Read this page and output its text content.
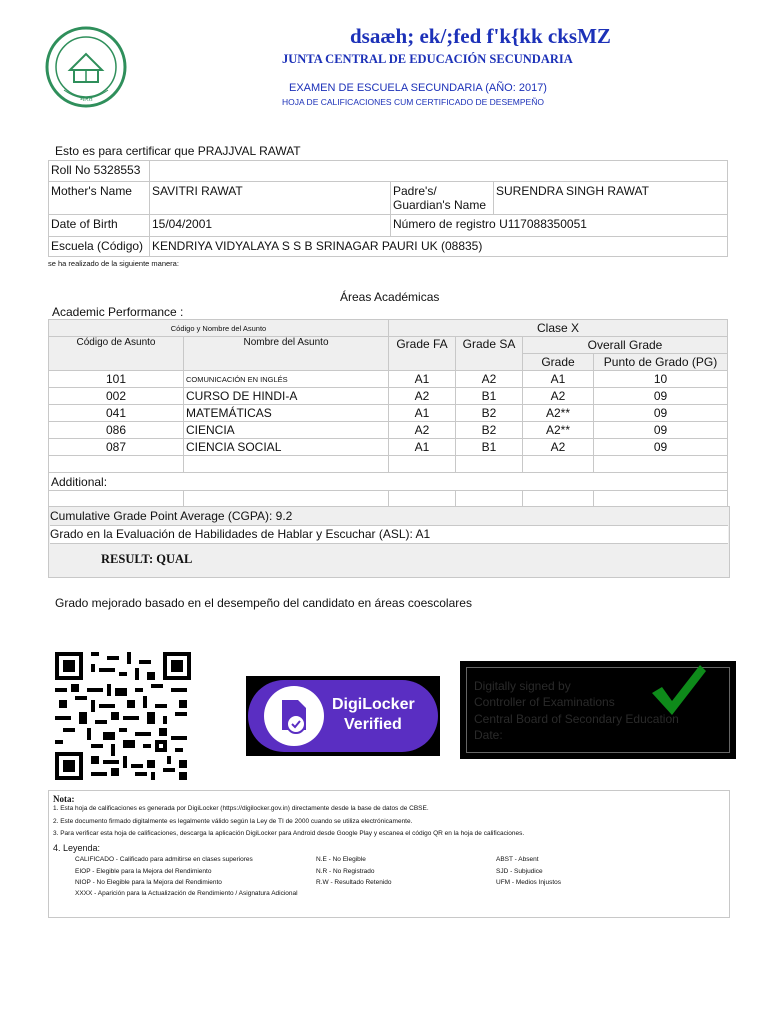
भारत
dsaæh; ek/;fed f'k{kk cksMZ
JUNTA CENTRAL DE EDUCACIÓN SECUNDARIA
EXAMEN DE ESCUELA SECUNDARIA (AÑO: 2017)
HOJA DE CALIFICACIONES CUM CERTIFICADO DE DESEMPEÑO
Esto es para certificar que PRAJJVAL RAWAT
Roll No 5328553			
Mother's Name	SAVITRI RAWAT	Padre's/ Guardian's Name	SURENDRA SINGH RAWAT
Date of Birth	15/04/2001	Número de registro U117088350051	
Escuela (Código)	KENDRIYA VIDYALAYA S S B SRINAGAR PAURI UK (08835)		
se ha realizado de la siguiente manera:
Áreas Académicas
Academic Performance :
Código y Nombre del Asunto		Clase X			
Código de Asunto	Nombre del Asunto	Grade FA	Grade SA	Overall Grade	
				Grade	Punto de Grado (PG)
101	COMUNICACIÓN EN INGLÉS	A1	A2	A1	10
002	CURSO DE HINDI-A	A2	B1	A2	09
041	MATEMÁTICAS	A1	B2	A2**	09
086	CIENCIA	A2	B2	A2**	09
087	CIENCIA SOCIAL	A1	B1	A2	09

Additional:					

Cumulative Grade Point Average (CGPA): 9.2
Grado en la Evaluación de Habilidades de Hablar y Escuchar (ASL): A1
RESULT: QUAL
Grado mejorado basado en el desempeño del candidato en áreas coescolares
DigiLocker
Verified
Digitally signed by
Controller of Examinations
Central Board of Secondary Education
Date:
Nota:
1. Esta hoja de calificaciones es generada por DigiLocker (https://digilocker.gov.in) directamente desde la base de datos de CBSE.
2. Este documento firmado digitalmente es legalmente válido según la Ley de TI de 2000 cuando se utiliza electrónicamente.
3. Para verificar esta hoja de calificaciones, descarga la aplicación DigiLocker para Android desde Google Play y escanea el código QR en la hoja de calificaciones.
4. Leyenda:
CALIFICADO - Calificado para admitirse en clases superiores
EIOP - Elegible para la Mejora del Rendimiento
NIOP - No Elegible para la Mejora del Rendimiento
XXXX - Aparición para la Actualización de Rendimiento / Asignatura Adicional
N.E - No Elegible
N.R - No Registrado
R.W - Resultado Retenido
ABST - Absent
SJD - Subjudice
UFM - Medios Injustos
